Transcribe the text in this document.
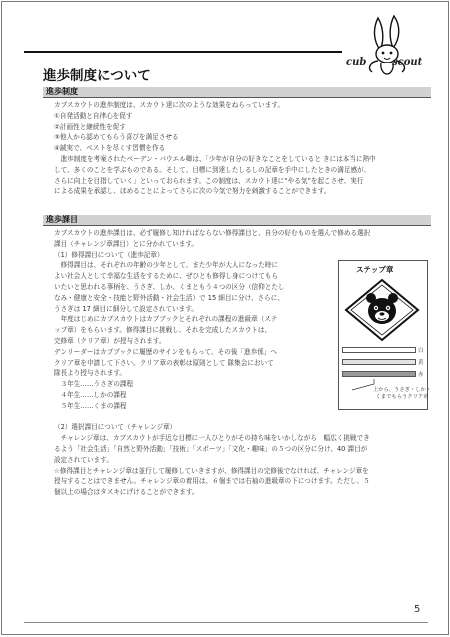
cub	scout
進歩制度について
進歩制度
カブスカウトの進歩制度は、スカウト達に次のような効果をねらっています。
①自発活動と自律心を促す
②計画性と継続性を促す
③他人から認めてもらう喜びを満足させる
④誠実で、ベストを尽くす習慣を作る
　進歩制度を考案されたベーデン・パウエル卿は、「少年が自分の好きなことをしていると きには本当に熱中
して、多くのことを学ぶものである。そして、目標に到達したしるしの記章を手中にしたときの満足感が、
さらに向上を目指していく」といっておられます。この制度は、スカウト達に“やる気”を起こさせ、実行
による成果を承認し、ほめることによってさらに次の今気で努力を刺激することができます。
進歩課目
カブスカウトの進歩課目は、必ず履修し知ければならない修得課目と、自分の好むものを選んで修める選択
課目（チャレンジ章課目）とに分かれています。
（1）修得課目について（進歩記章）
　修得課目は、それぞれの年齢の少年として、また少年が大人になった時に
よい社会人として幸福な生活をするために、ぜひとも修得し身につけてもら
いたいと思われる事柄を、うさぎ、しか、くまともう４つの区分（信仰とたし
なみ・健康と安全・技能と野外活動・社会生活）で 15 細目に分け、さらに、
うさぎは 17 細目に細分して設定されています。
　年度はじめにカブスカウトはカブブックとそれぞれの課程の進級章（ステ
ップ章）をもらいます。修得課目に挑戦し、それを完成したスカウトは、
完修章（クリア章）が授与されます。
デンリーダーはカブブックに履歴のサインをもらって、その後「進歩係」へ
クリア章を申請して下さい。クリア章の表彰は原則として 隊集会において
隊長より授与されます。
　３年生……うさぎの課程
　４年生……しかの課程
　５年生……くまの課程
（2）選択課目について（チャレンジ章）
　チャレンジ章は、カブスカウトが手近な目標に一人ひとりがその持ち味をいかしながら　幅広く挑戦でき
るよう「社会生活」「自然と野外活動」「技術」「スポーツ」「文化・趣味」の５つの区分に分け、40 課目が
設定されています。
☆修得課目とチャレンジ章は並行して履修していきますが、修得課目の完修後でなければ、チャレンジ章を
授与することはできません。チャレンジ章の着用は、６個までは右袖の進級章の下につけます。ただし、５
個以上の場合はタスキにげけることができます。
ステップ章
白
黄
赤
上から、うさぎ・しか・
くまでもらうクリア章
5
